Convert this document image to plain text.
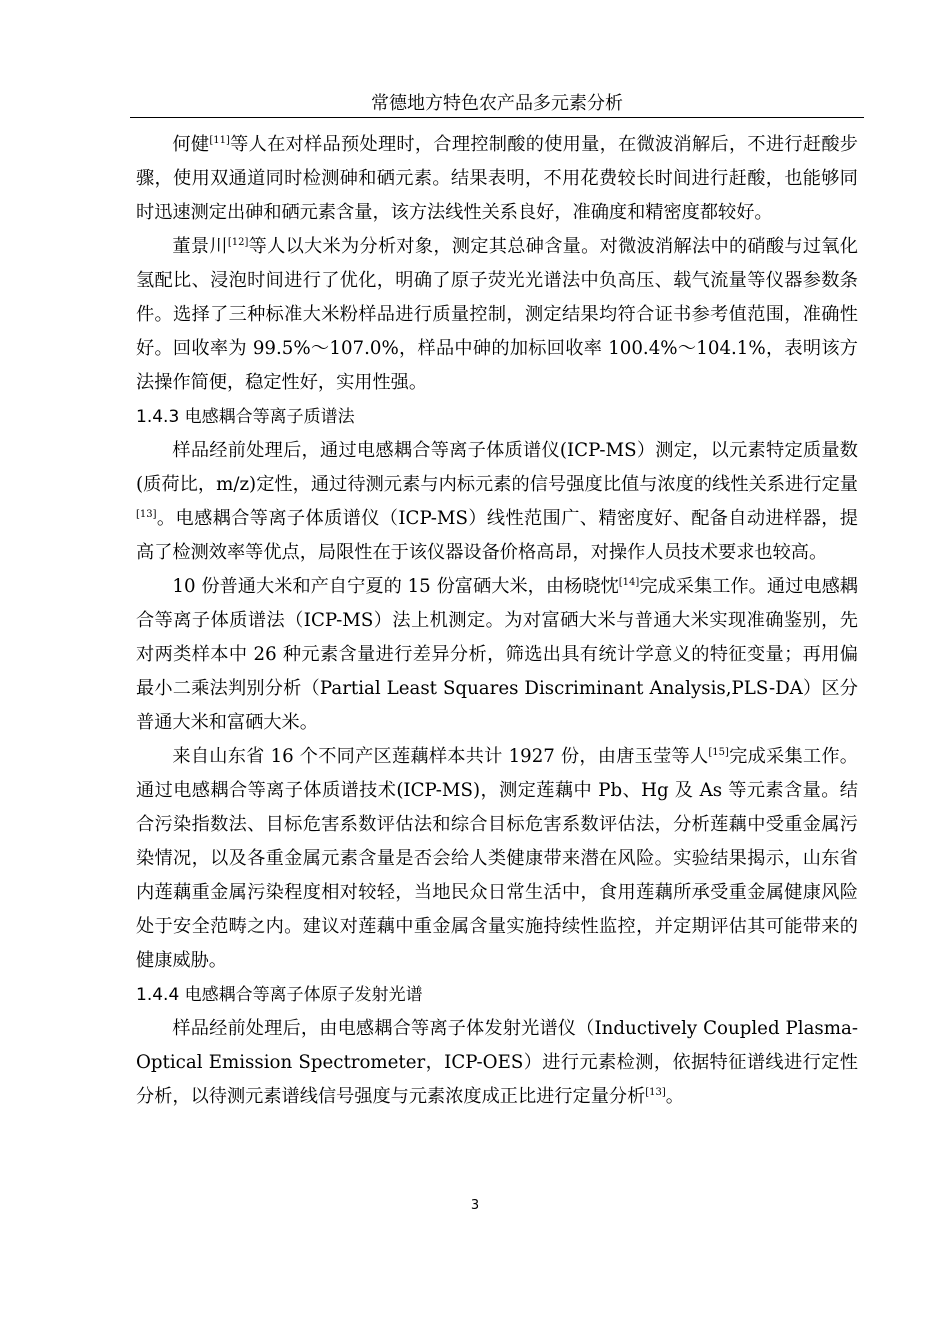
常德地方特色农产品多元素分析

何健[11]等人在对样品预处理时，合理控制酸的使用量，在微波消解后，不进行赶酸步骤，使用双通道同时检测砷和硒元素。结果表明，不用花费较长时间进行赶酸，也能够同时迅速测定出砷和硒元素含量，该方法线性关系良好，准确度和精密度都较好。

董景川[12]等人以大米为分析对象，测定其总砷含量。对微波消解法中的硝酸与过氧化氢配比、浸泡时间进行了优化，明确了原子荧光光谱法中负高压、载气流量等仪器参数条件。选择了三种标准大米粉样品进行质量控制，测定结果均符合证书参考值范围，准确性好。回收率为 99.5%～107.0%，样品中砷的加标回收率 100.4%～104.1%，表明该方法操作简便，稳定性好，实用性强。

1.4.3 电感耦合等离子质谱法

样品经前处理后，通过电感耦合等离子体质谱仪(ICP-MS）测定，以元素特定质量数(质荷比，m/z)定性，通过待测元素与内标元素的信号强度比值与浓度的线性关系进行定量[13]。电感耦合等离子体质谱仪（ICP-MS）线性范围广、精密度好、配备自动进样器，提高了检测效率等优点，局限性在于该仪器设备价格高昂，对操作人员技术要求也较高。

10 份普通大米和产自宁夏的 15 份富硒大米，由杨晓忱[14]完成采集工作。通过电感耦合等离子体质谱法（ICP-MS）法上机测定。为对富硒大米与普通大米实现准确鉴别，先对两类样本中 26 种元素含量进行差异分析，筛选出具有统计学意义的特征变量；再用偏最小二乘法判别分析（Partial Least Squares Discriminant Analysis,PLS-DA）区分普通大米和富硒大米。

来自山东省 16 个不同产区莲藕样本共计 1927 份，由唐玉莹等人[15]完成采集工作。通过电感耦合等离子体质谱技术(ICP-MS)，测定莲藕中 Pb、Hg 及 As 等元素含量。结合污染指数法、目标危害系数评估法和综合目标危害系数评估法，分析莲藕中受重金属污染情况，以及各重金属元素含量是否会给人类健康带来潜在风险。实验结果揭示，山东省内莲藕重金属污染程度相对较轻，当地民众日常生活中，食用莲藕所承受重金属健康风险处于安全范畴之内。建议对莲藕中重金属含量实施持续性监控，并定期评估其可能带来的健康威胁。

1.4.4 电感耦合等离子体原子发射光谱

样品经前处理后，由电感耦合等离子体发射光谱仪（Inductively Coupled Plasma-Optical Emission Spectrometer，ICP-OES）进行元素检测，依据特征谱线进行定性分析，以待测元素谱线信号强度与元素浓度成正比进行定量分析[13]。

3
